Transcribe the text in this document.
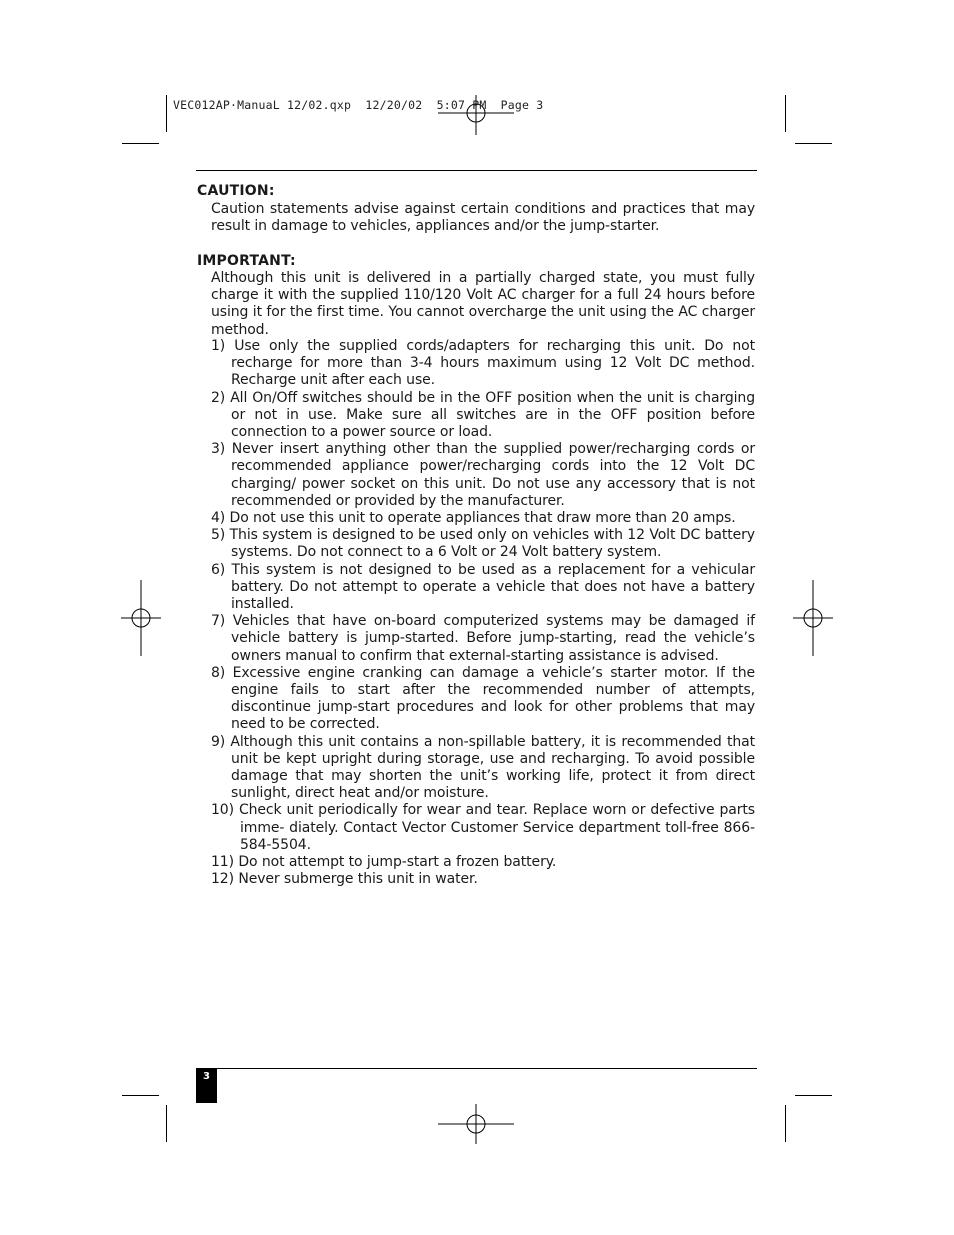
VEC012AP·ManuaL 12/02.qxp  12/20/02  5:07 PM  Page 3
CAUTION:
Caution statements advise against certain conditions and practices that may result in damage to vehicles, appliances and/or the jump-starter.
IMPORTANT:
Although this unit is delivered in a partially charged state, you must fully charge it with the supplied 110/120 Volt AC charger for a full 24 hours before using it for the first time. You cannot overcharge the unit using the AC charger method.
1) Use only the supplied cords/adapters for recharging this unit. Do not recharge for more than 3-4 hours maximum using 12 Volt DC method. Recharge unit after each use.
2) All On/Off switches should be in the OFF position when the unit is charging or not in use. Make sure all switches are in the OFF position before connection to a power source or load.
3) Never insert anything other than the supplied power/recharging cords or recommended appliance power/recharging cords into the 12 Volt DC charging/ power socket on this unit. Do not use any accessory that is not recommended or provided by the manufacturer.
4) Do not use this unit to operate appliances that draw more than 20 amps.
5) This system is designed to be used only on vehicles with 12 Volt DC battery systems. Do not connect to a 6 Volt or 24 Volt battery system.
6) This system is not designed to be used as a replacement for a vehicular battery. Do not attempt to operate a vehicle that does not have a battery installed.
7) Vehicles that have on-board computerized systems may be damaged if vehicle battery is jump-started. Before jump-starting, read the vehicle’s owners manual to confirm that external-starting assistance is advised.
8) Excessive engine cranking can damage a vehicle’s starter motor. If the engine fails to start after the recommended number of attempts, discontinue jump-start procedures and look for other problems that may need to be corrected.
9) Although this unit contains a non-spillable battery, it is recommended that unit be kept upright during storage, use and recharging. To avoid possible damage that may shorten the unit’s working life, protect it from direct sunlight, direct heat and/or moisture.
10) Check unit periodically for wear and tear. Replace worn or defective parts imme- diately. Contact Vector Customer Service department toll-free 866-584-5504.
11) Do not attempt to jump-start a frozen battery.
12) Never submerge this unit in water.
3
